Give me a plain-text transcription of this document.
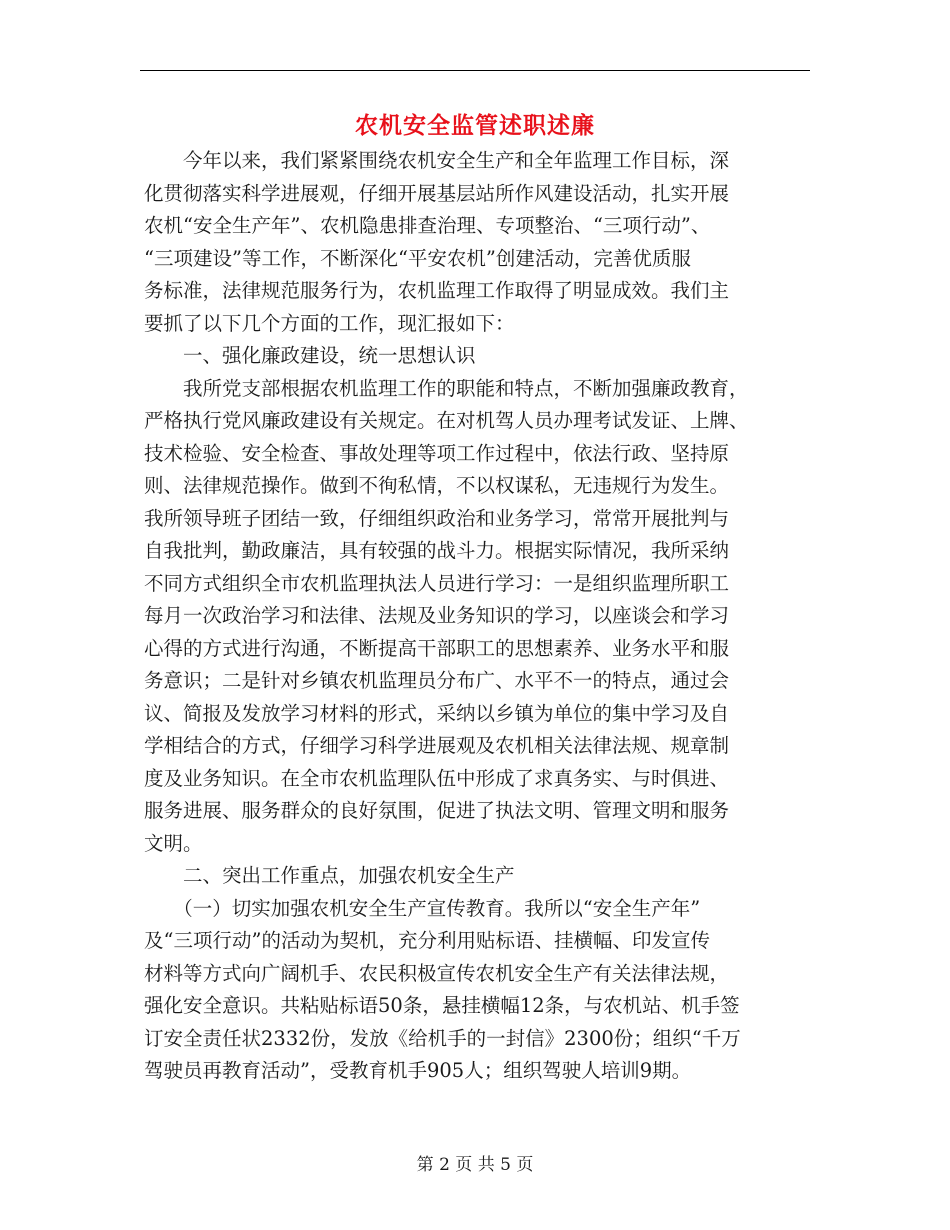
农机安全监管述职述廉
　　今年以来，我们紧紧围绕农机安全生产和全年监理工作目标，深
化贯彻落实科学进展观，仔细开展基层站所作风建设活动，扎实开展
农机“安全生产年”、农机隐患排查治理、专项整治、“三项行动”、
“三项建设”等工作，不断深化“平安农机”创建活动，完善优质服
务标准，法律规范服务行为，农机监理工作取得了明显成效。我们主
要抓了以下几个方面的工作，现汇报如下：
　　一、强化廉政建设，统一思想认识
　　我所党支部根据农机监理工作的职能和特点，不断加强廉政教育，
严格执行党风廉政建设有关规定。在对机驾人员办理考试发证、上牌、
技术检验、安全检查、事故处理等项工作过程中，依法行政、坚持原
则、法律规范操作。做到不徇私情，不以权谋私，无违规行为发生。
我所领导班子团结一致，仔细组织政治和业务学习，常常开展批判与
自我批判，勤政廉洁，具有较强的战斗力。根据实际情况，我所采纳
不同方式组织全市农机监理执法人员进行学习：一是组织监理所职工
每月一次政治学习和法律、法规及业务知识的学习，以座谈会和学习
心得的方式进行沟通，不断提高干部职工的思想素养、业务水平和服
务意识；二是针对乡镇农机监理员分布广、水平不一的特点，通过会
议、简报及发放学习材料的形式，采纳以乡镇为单位的集中学习及自
学相结合的方式，仔细学习科学进展观及农机相关法律法规、规章制
度及业务知识。在全市农机监理队伍中形成了求真务实、与时俱进、
服务进展、服务群众的良好氛围，促进了执法文明、管理文明和服务
文明。
　　二、突出工作重点，加强农机安全生产
　　（一）切实加强农机安全生产宣传教育。我所以“安全生产年”
及“三项行动”的活动为契机，充分利用贴标语、挂横幅、印发宣传
材料等方式向广阔机手、农民积极宣传农机安全生产有关法律法规，
强化安全意识。共粘贴标语50条，悬挂横幅12条，与农机站、机手签
订安全责任状2332份，发放《给机手的一封信》2300份；组织“千万
驾驶员再教育活动”，受教育机手905人；组织驾驶人培训9期。
第 2 页 共 5 页
